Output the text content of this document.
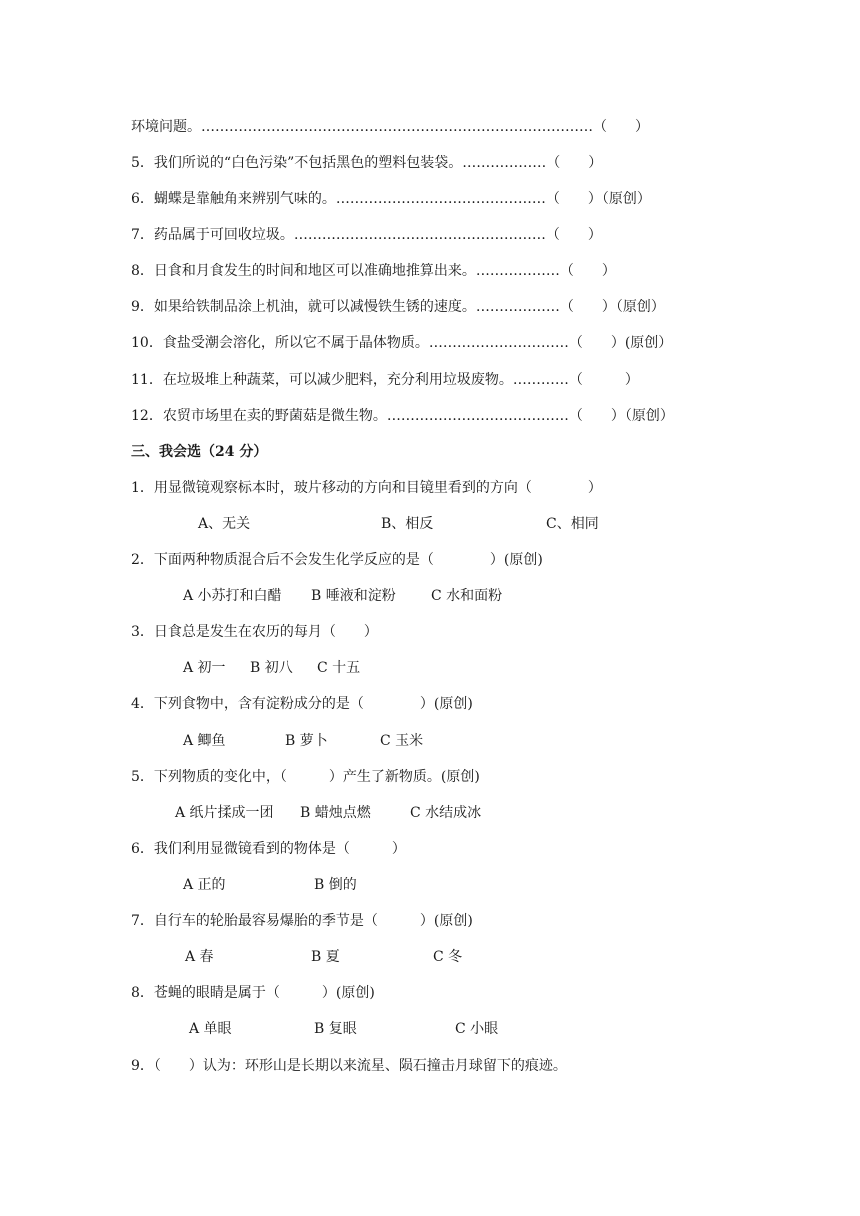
环境问题。…………………………………………………………………………（　　）
5．我们所说的“白色污染”不包括黑色的塑料包装袋。………………（　　）
6．蝴蝶是靠触角来辨别气味的。………………………………………（　　）（原创）
7．药品属于可回收垃圾。………………………………………………（　　）
8．日食和月食发生的时间和地区可以准确地推算出来。………………（　　）
9．如果给铁制品涂上机油，就可以减慢铁生锈的速度。………………（　　）（原创）
10．食盐受潮会溶化，所以它不属于晶体物质。…………………………（　　）(原创）
11．在垃圾堆上种蔬菜，可以减少肥料，充分利用垃圾废物。…………（　　　）
12．农贸市场里在卖的野菌菇是微生物。…………………………………（　　）（原创）
三、我会选（24 分）
1．用显微镜观察标本时，玻片移动的方向和目镜里看到的方向（　　　　）
A、无关	B、相反	C、相同
2．下面两种物质混合后不会发生化学反应的是（　　　　）(原创)
A 小苏打和白醋 B 唾液和淀粉	C 水和面粉
3．日食总是发生在农历的每月（　　）
A 初一 B 初八 C 十五
4．下列食物中，含有淀粉成分的是（　　　　）(原创)
A 鲫鱼	B 萝卜	C 玉米
5．下列物质的变化中，（　　　）产生了新物质。(原创)
A 纸片揉成一团 B 蜡烛点燃	C 水结成冰
6．我们利用显微镜看到的物体是（　　　）
A 正的	B 倒的
7．自行车的轮胎最容易爆胎的季节是（　　　）(原创)
A 春	B 夏	C 冬
8．苍蝇的眼睛是属于（　　　）(原创)
A 单眼	B 复眼	C 小眼
9．（　　）认为：环形山是长期以来流星、陨石撞击月球留下的痕迹。
